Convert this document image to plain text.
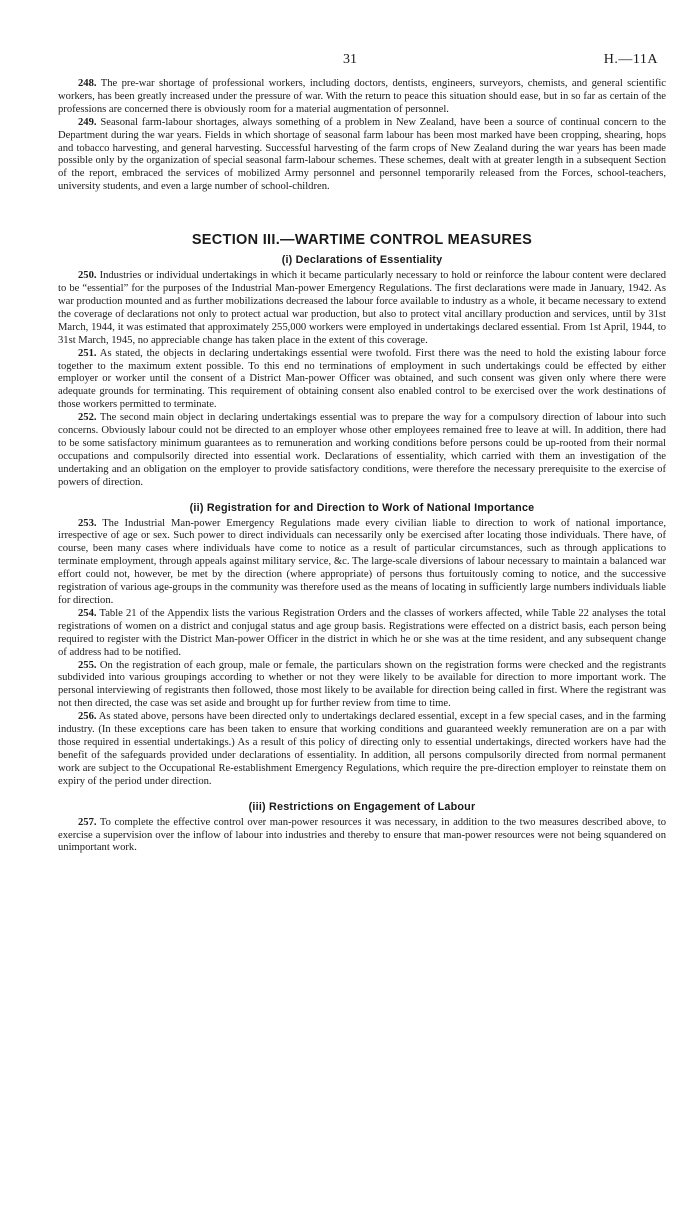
31	H.—11A

248. The pre-war shortage of professional workers, including doctors, dentists, engineers, surveyors, chemists, and general scientific workers, has been greatly increased under the pressure of war. With the return to peace this situation should ease, but in so far as certain of the professions are concerned there is obviously room for a material augmentation of personnel.

249. Seasonal farm-labour shortages, always something of a problem in New Zealand, have been a source of continual concern to the Department during the war years. Fields in which shortage of seasonal farm labour has been most marked have been cropping, shearing, hops and tobacco harvesting, and general harvesting. Successful harvesting of the farm crops of New Zealand during the war years has been made possible only by the organization of special seasonal farm-labour schemes. These schemes, dealt with at greater length in a subsequent Section of the report, embraced the services of mobilized Army personnel and personnel temporarily released from the Forces, school-teachers, university students, and even a large number of school-children.

SECTION III.—WARTIME CONTROL MEASURES
(i) Declarations of Essentiality

250. Industries or individual undertakings in which it became particularly necessary to hold or reinforce the labour content were declared to be “essential” for the purposes of the Industrial Man-power Emergency Regulations. The first declarations were made in January, 1942. As war production mounted and as further mobilizations decreased the labour force available to industry as a whole, it became necessary to extend the coverage of declarations not only to protect actual war production, but also to protect vital ancillary production and services, until by 31st March, 1944, it was estimated that approximately 255,000 workers were employed in undertakings declared essential. From 1st April, 1944, to 31st March, 1945, no appreciable change has taken place in the extent of this coverage.

251. As stated, the objects in declaring undertakings essential were twofold. First there was the need to hold the existing labour force together to the maximum extent possible. To this end no terminations of employment in such undertakings could be effected by either employer or worker until the consent of a District Man-power Officer was obtained, and such consent was given only where there were adequate grounds for terminating. This requirement of obtaining consent also enabled control to be exercised over the work destinations of those workers permitted to terminate.

252. The second main object in declaring undertakings essential was to prepare the way for a compulsory direction of labour into such concerns. Obviously labour could not be directed to an employer whose other employees remained free to leave at will. In addition, there had to be some satisfactory minimum guarantees as to remuneration and working conditions before persons could be up-rooted from their normal occupations and compulsorily directed into essential work. Declarations of essentiality, which carried with them an investigation of the undertaking and an obligation on the employer to provide satisfactory conditions, were therefore the necessary prerequisite to the exercise of powers of direction.

(ii) Registration for and Direction to Work of National Importance

253. The Industrial Man-power Emergency Regulations made every civilian liable to direction to work of national importance, irrespective of age or sex. Such power to direct individuals can necessarily only be exercised after locating those individuals. There have, of course, been many cases where individuals have come to notice as a result of particular circumstances, such as through applications to terminate employment, through appeals against military service, &c. The large-scale diversions of labour necessary to maintain a balanced war effort could not, however, be met by the direction (where appropriate) of persons thus fortuitously coming to notice, and the successive registration of various age-groups in the community was therefore used as the means of locating in sufficiently large numbers individuals liable for direction.

254. Table 21 of the Appendix lists the various Registration Orders and the classes of workers affected, while Table 22 analyses the total registrations of women on a district and conjugal status and age group basis. Registrations were effected on a district basis, each person being required to register with the District Man-power Officer in the district in which he or she was at the time resident, and any subsequent change of address had to be notified.

255. On the registration of each group, male or female, the particulars shown on the registration forms were checked and the registrants subdivided into various groupings according to whether or not they were likely to be available for direction to more important work. The personal interviewing of registrants then followed, those most likely to be available for direction being called in first. Where the registrant was not then directed, the case was set aside and brought up for further review from time to time.

256. As stated above, persons have been directed only to undertakings declared essential, except in a few special cases, and in the farming industry. (In these exceptions care has been taken to ensure that working conditions and guaranteed weekly remuneration are on a par with those required in essential undertakings.) As a result of this policy of directing only to essential undertakings, directed workers have had the benefit of the safeguards provided under declarations of essentiality. In addition, all persons compulsorily directed from normal permanent work are subject to the Occupational Re-establishment Emergency Regulations, which require the pre-direction employer to reinstate them on expiry of the period under direction.

(iii) Restrictions on Engagement of Labour

257. To complete the effective control over man-power resources it was necessary, in addition to the two measures described above, to exercise a supervision over the inflow of labour into industries and thereby to ensure that man-power resources were not being squandered on unimportant work.
